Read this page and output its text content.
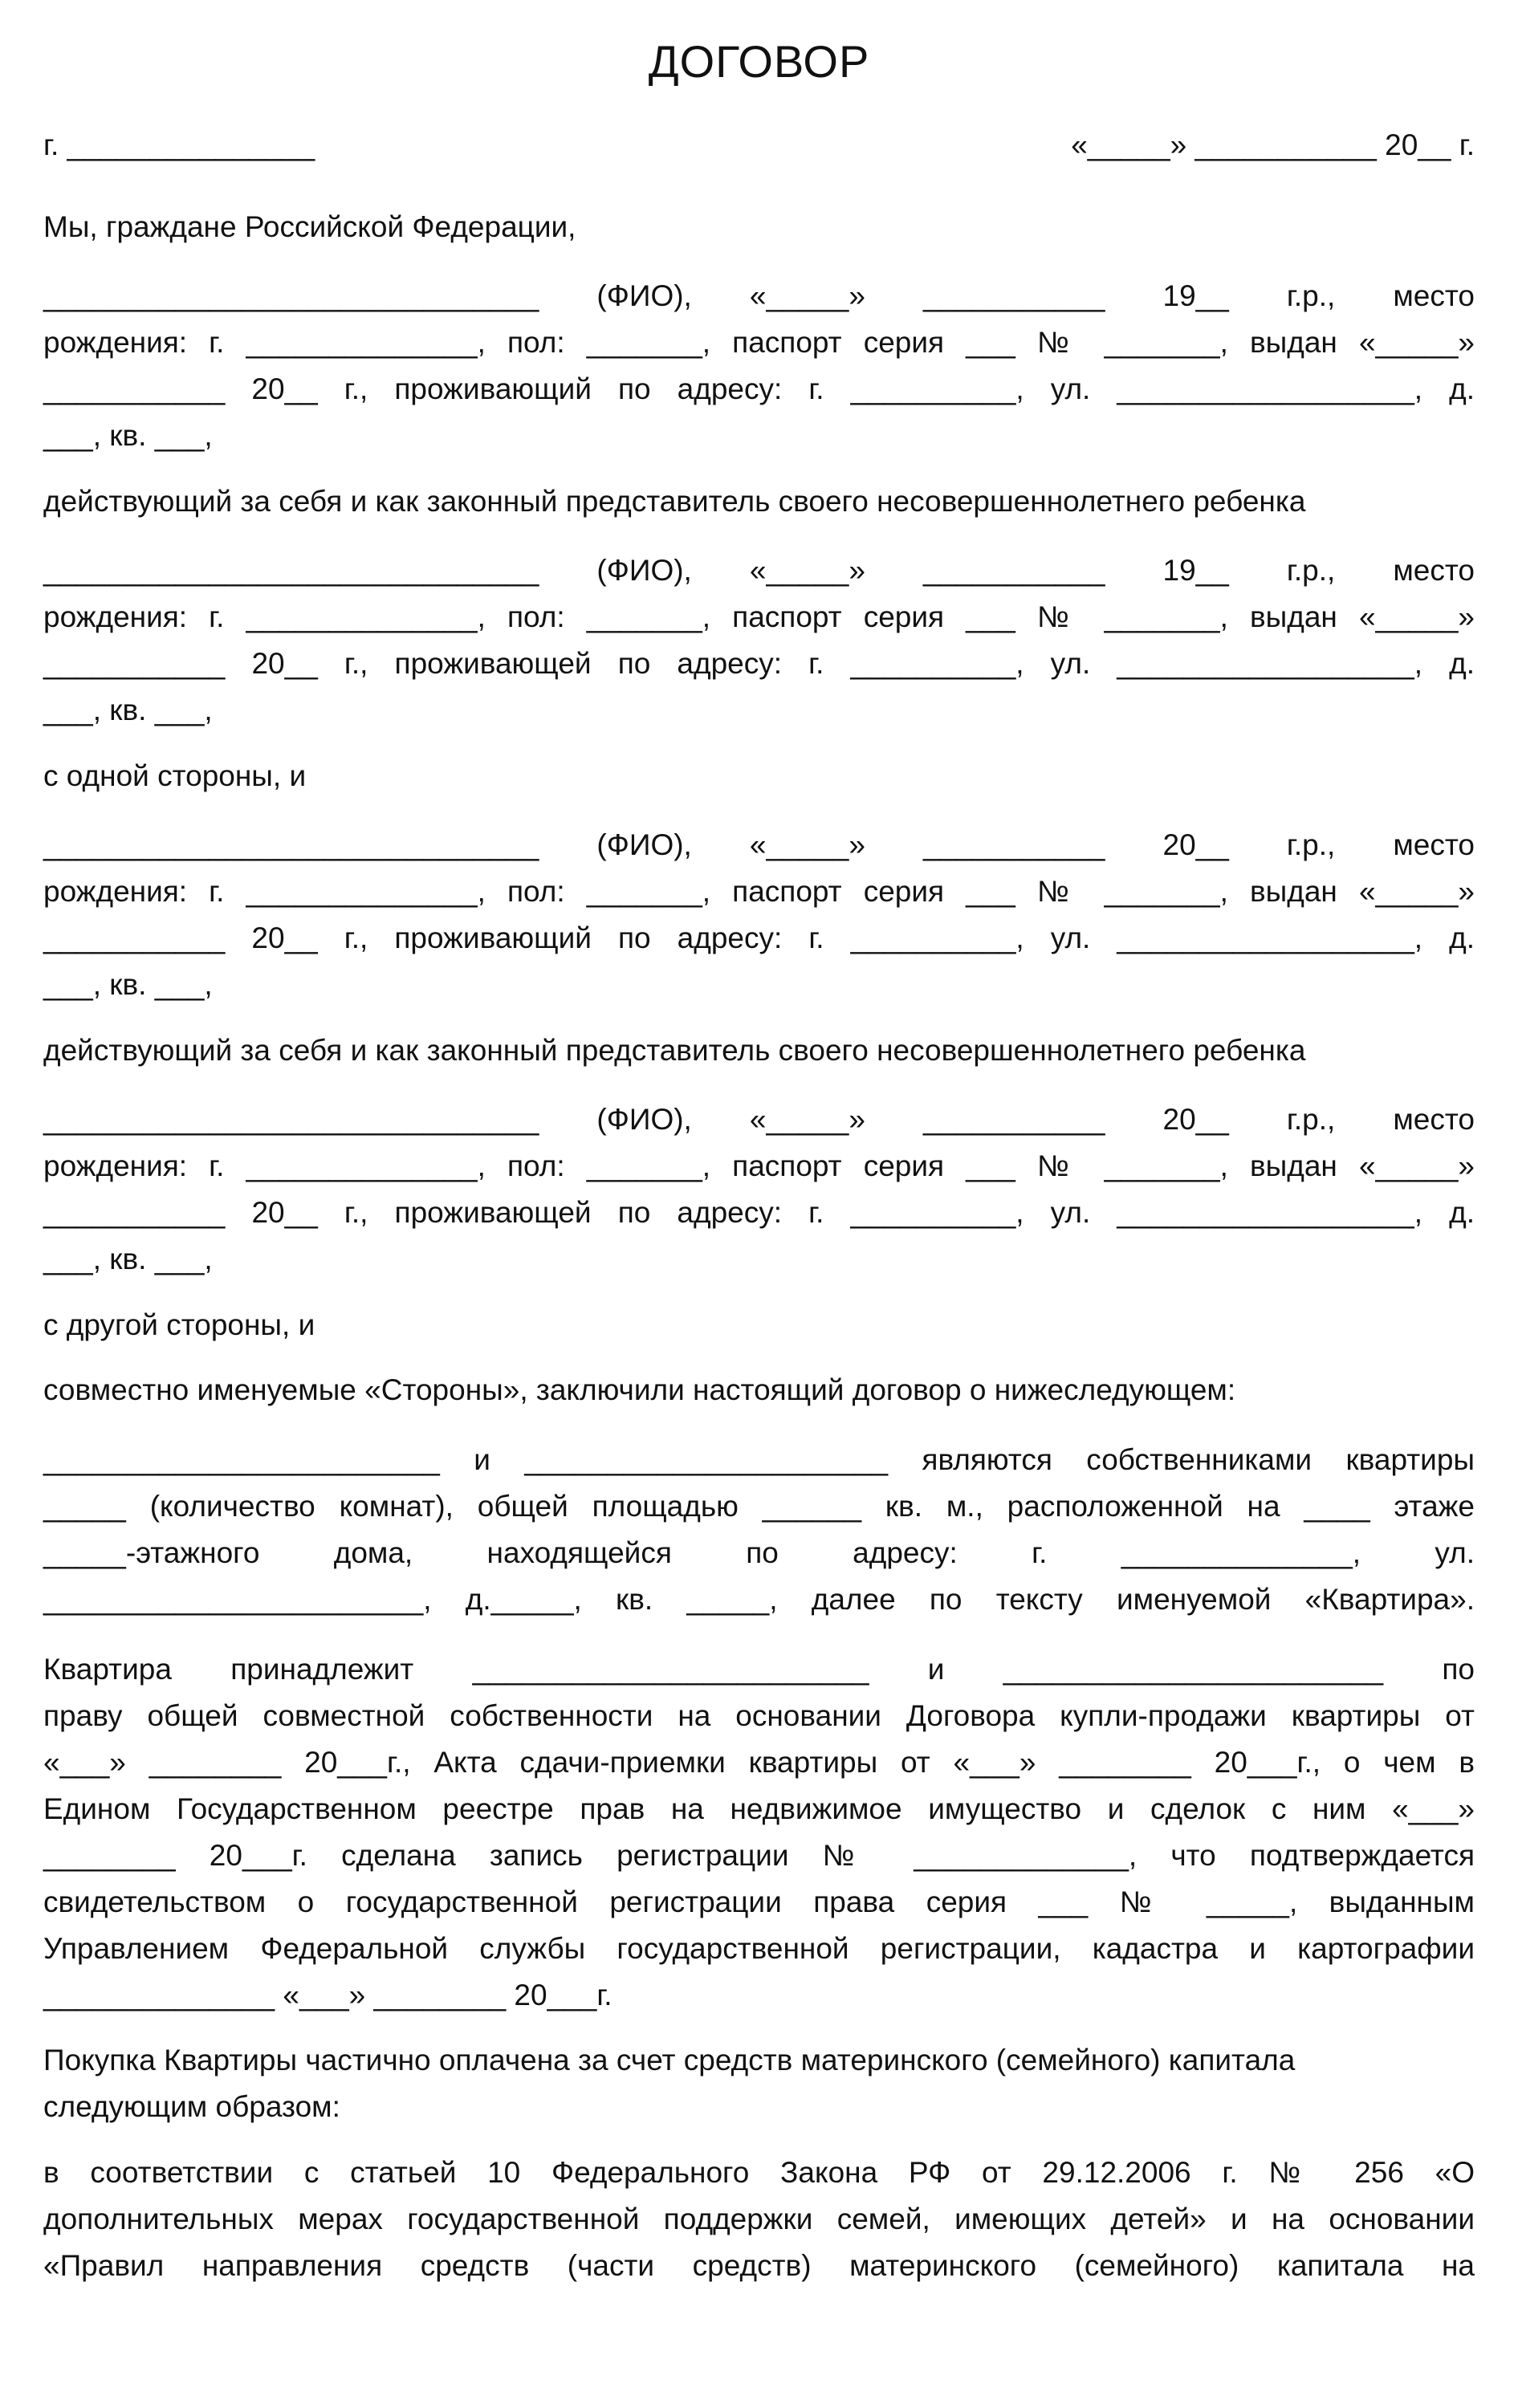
ДОГОВОР
г. _______________	«_____» ___________ 20__ г.
Мы, граждане Российской Федерации,
______________________________ (ФИО), «_____» ___________ 19__ г.р., место
рождения: г. ______________, пол: _______, паспорт серия ___ № _______, выдан «_____»
___________ 20__ г., проживающий по адресу: г. __________, ул. __________________, д.
___, кв. ___,
действующий за себя и как законный представитель своего несовершеннолетнего ребенка
______________________________ (ФИО), «_____» ___________ 19__ г.р., место
рождения: г. ______________, пол: _______, паспорт серия ___ № _______, выдан «_____»
___________ 20__ г., проживающей по адресу: г. __________, ул. __________________, д.
___, кв. ___,
с одной стороны, и
______________________________ (ФИО), «_____» ___________ 20__ г.р., место
рождения: г. ______________, пол: _______, паспорт серия ___ № _______, выдан «_____»
___________ 20__ г., проживающий по адресу: г. __________, ул. __________________, д.
___, кв. ___,
действующий за себя и как законный представитель своего несовершеннолетнего ребенка
______________________________ (ФИО), «_____» ___________ 20__ г.р., место
рождения: г. ______________, пол: _______, паспорт серия ___ № _______, выдан «_____»
___________ 20__ г., проживающей по адресу: г. __________, ул. __________________, д.
___, кв. ___,
с другой стороны, и
совместно именуемые «Стороны», заключили настоящий договор о нижеследующем:
________________________ и ______________________ являются собственниками квартиры
_____ (количество комнат), общей площадью ______ кв. м., расположенной на ____ этаже
_____-этажного дома, находящейся по адресу: г. ______________, ул.
_______________________, д._____, кв. _____, далее по тексту именуемой «Квартира».
Квартира принадлежит ________________________ и _______________________ по
праву общей совместной собственности на основании Договора купли-продажи квартиры от
«___» ________ 20___г., Акта сдачи-приемки квартиры от «___» ________ 20___г., о чем в
Едином Государственном реестре прав на недвижимое имущество и сделок с ним «___»
________ 20___г. сделана запись регистрации № _____________, что подтверждается
свидетельством о государственной регистрации права серия ___ № _____, выданным
Управлением Федеральной службы государственной регистрации, кадастра и картографии
______________ «___» ________ 20___г.
Покупка Квартиры частично оплачена за счет средств материнского (семейного) капитала
следующим образом:
в соответствии с статьей 10 Федерального Закона РФ от 29.12.2006 г. № 256 «О
дополнительных мерах государственной поддержки семей, имеющих детей» и на основании
«Правил направления средств (части средств) материнского (семейного) капитала на
